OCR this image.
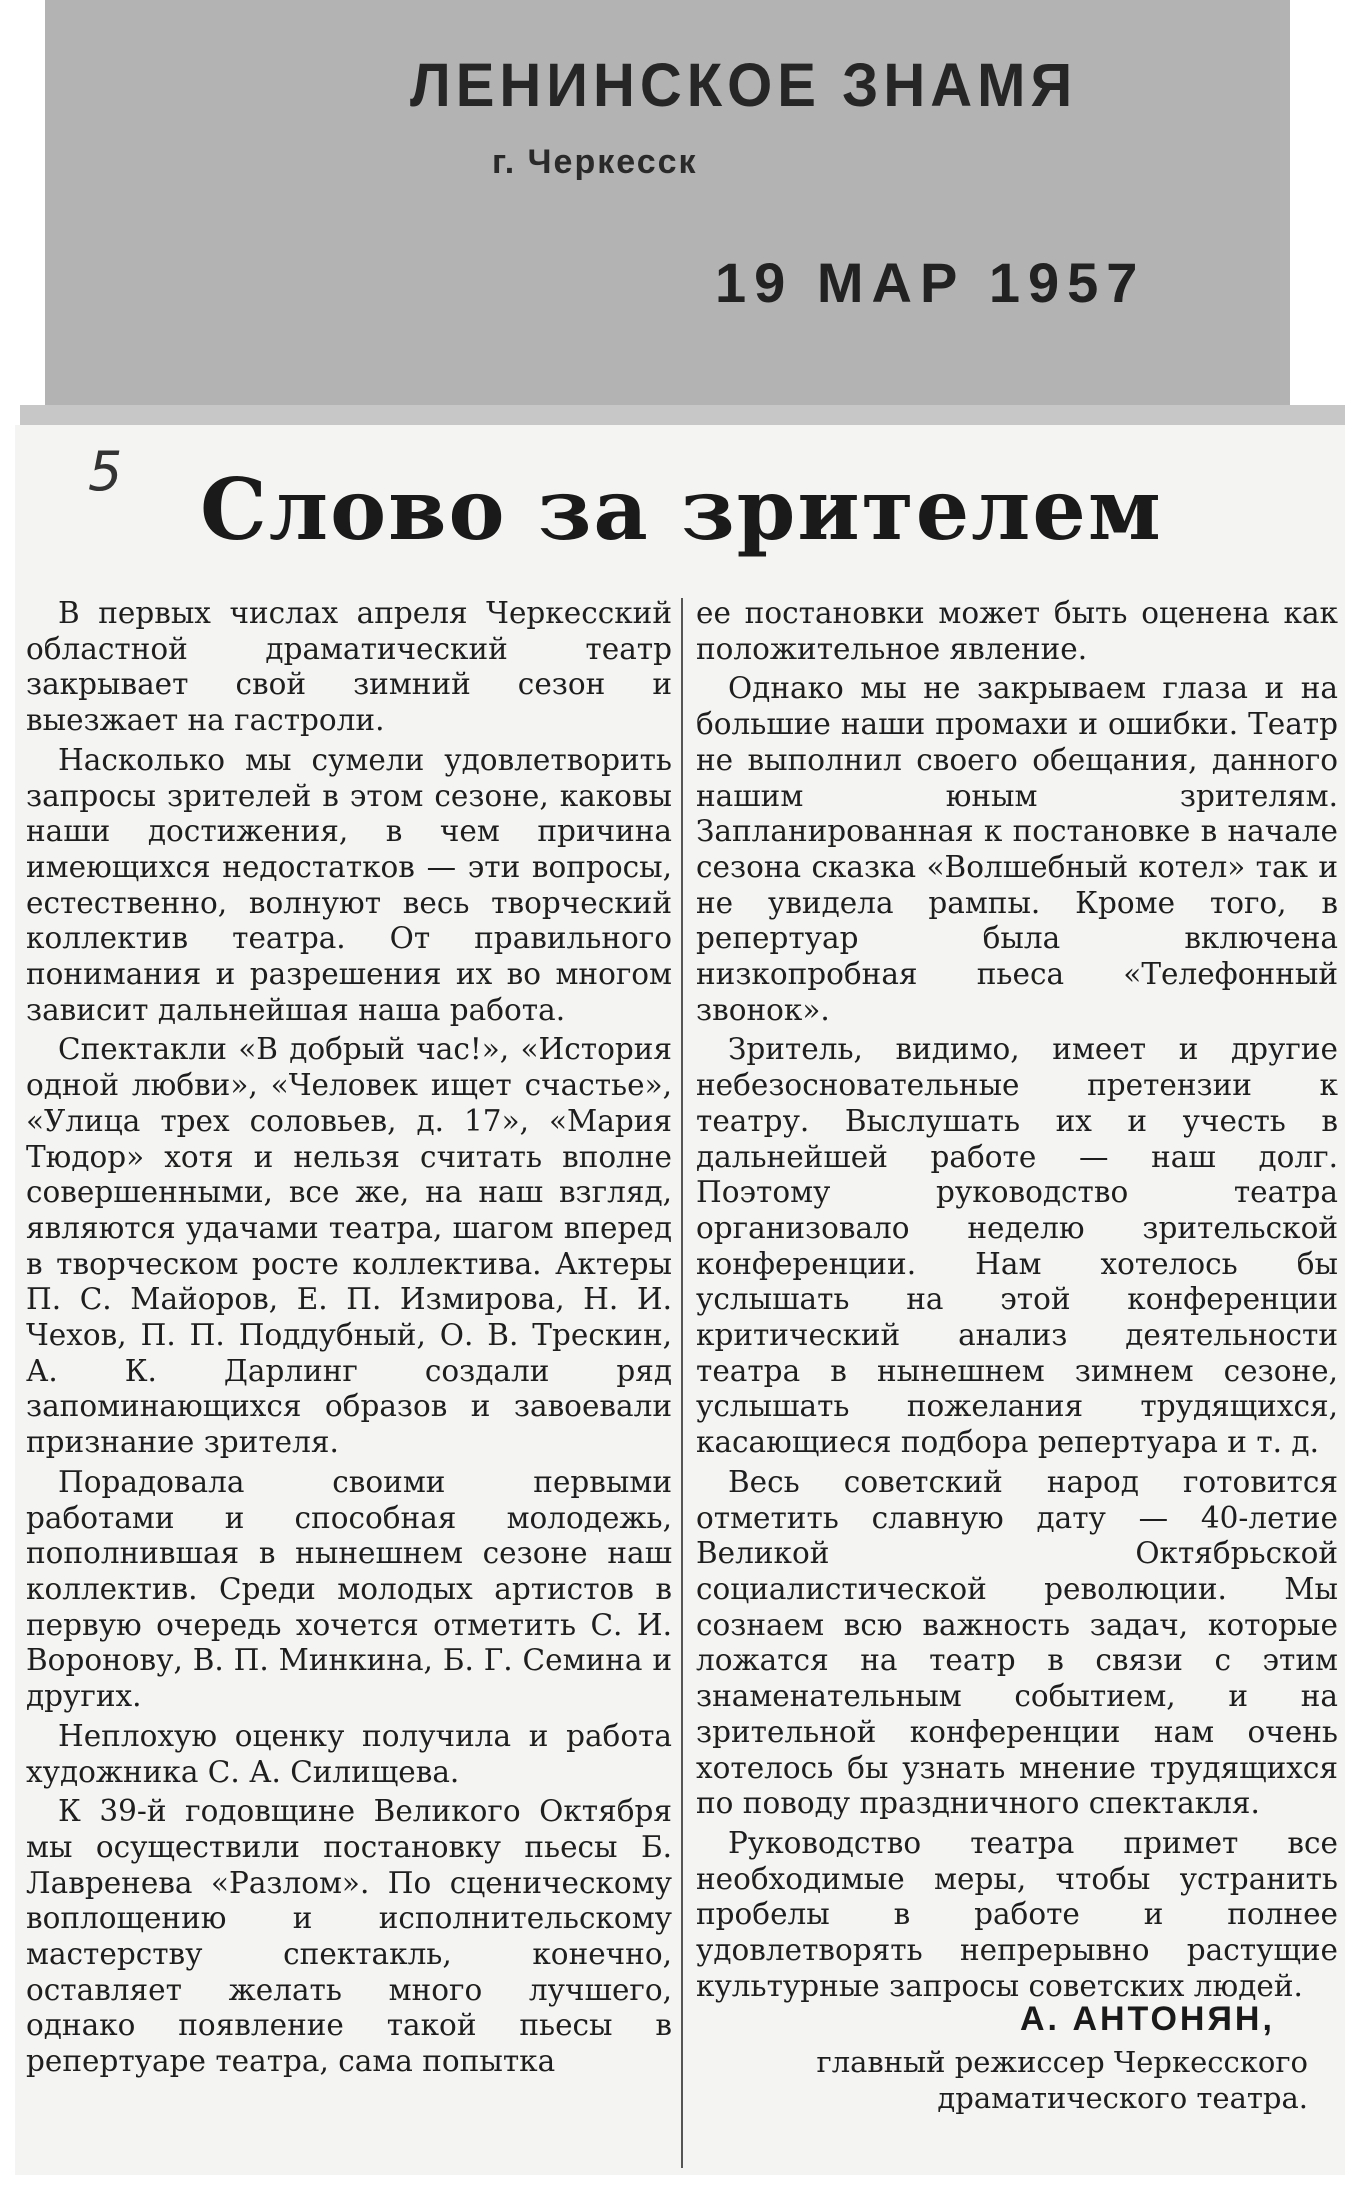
ЛЕНИНСКОЕ ЗНАМЯ
г. Черкесск
19 МАР 1957
5 Слово за зрителем

В первых числах апреля Черкесский областной драматический театр закрывает свой зимний сезон и выезжает на гастроли.

Насколько мы сумели удовлетворить запросы зрителей в этом сезоне, каковы наши достижения, в чем причина имеющихся недостатков — эти вопросы, естественно, волнуют весь творческий коллектив театра. От правильного понимания и разрешения их во многом зависит дальнейшая наша работа.

Спектакли «В добрый час!», «История одной любви», «Человек ищет счастье», «Улица трех соловьев, д. 17», «Мария Тюдор» хотя и нельзя считать вполне совершенными, все же, на наш взгляд, являются удачами театра, шагом вперед в творческом росте коллектива. Актеры П. С. Майоров, Е. П. Измирова, Н. И. Чехов, П. П. Поддубный, О. В. Трескин, А. К. Дарлинг создали ряд запоминающихся образов и завоевали признание зрителя.

Порадовала своими первыми работами и способная молодежь, пополнившая в нынешнем сезоне наш коллектив. Среди молодых артистов в первую очередь хочется отметить С. И. Воронову, В. П. Минкина, Б. Г. Семина и других.

Неплохую оценку получила и работа художника С. А. Силищева.

К 39-й годовщине Великого Октября мы осуществили постановку пьесы Б. Лавренева «Разлом». По сценическому воплощению и исполнительскому мастерству спектакль, конечно, оставляет желать много лучшего, однако появление такой пьесы в репертуаре театра, сама попытка

ее постановки может быть оценена как положительное явление.

Однако мы не закрываем глаза и на большие наши промахи и ошибки. Театр не выполнил своего обещания, данного нашим юным зрителям. Запланированная к постановке в начале сезона сказка «Волшебный котел» так и не увидела рампы. Кроме того, в репертуар была включена низкопробная пьеса «Телефонный звонок».

Зритель, видимо, имеет и другие небезосновательные претензии к театру. Выслушать их и учесть в дальнейшей работе — наш долг. Поэтому руководство театра организовало неделю зрительской конференции. Нам хотелось бы услышать на этой конференции критический анализ деятельности театра в нынешнем зимнем сезоне, услышать пожелания трудящихся, касающиеся подбора репертуара и т. д.

Весь советский народ готовится отметить славную дату — 40-летие Великой Октябрьской социалистической революции. Мы сознаем всю важность задач, которые ложатся на театр в связи с этим знаменательным событием, и на зрительной конференции нам очень хотелось бы узнать мнение трудящихся по поводу праздничного спектакля.

Руководство театра примет все необходимые меры, чтобы устранить пробелы в работе и полнее удовлетворять непрерывно растущие культурные запросы советских людей.

А. АНТОНЯН,
главный режиссер Черкесского драматического театра.
